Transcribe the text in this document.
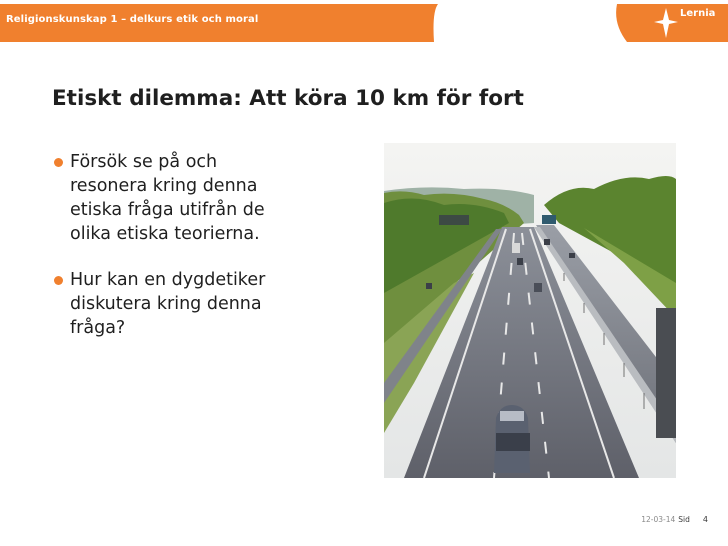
Religionskunskap 1 – delkurs etik och moral
Lernia
Etiskt dilemma: Att köra 10 km för fort
Försök se på och
resonera kring denna
etiska fråga utifrån de
olika etiska teorierna.
Hur kan en dygdetiker
diskutera kring denna
fråga?
12-03-14 Sid 4
